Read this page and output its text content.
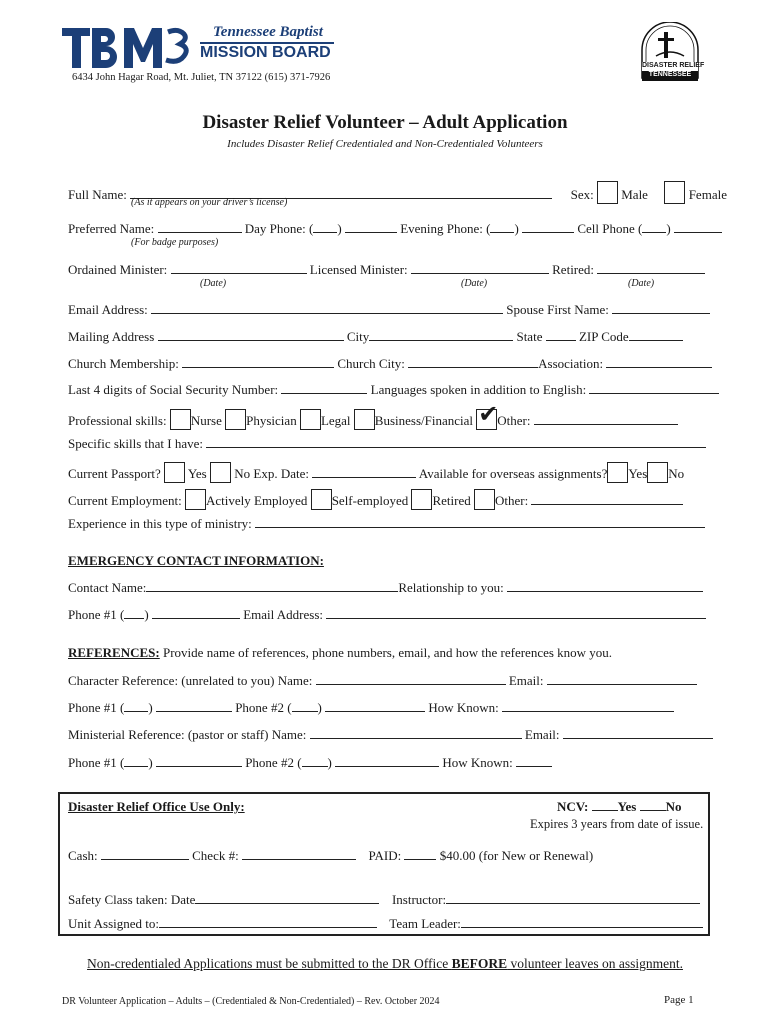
Tennessee Baptist
MISSION BOARD
6434 John Hagar Road, Mt. Juliet, TN 37122 (615) 371-7926
DISASTER RELIEF
TENNESSEE
Disaster Relief Volunteer – Adult Application
Includes Disaster Relief Credentialed and Non-Credentialed Volunteers
Full Name:	Sex: Male	Female
(As it appears on your driver’s license)
Preferred Name:	Day Phone: ( )	Evening Phone: ( )	Cell Phone ( )
(For badge purposes)
Ordained Minister:	Licensed Minister:	Retired:
(Date)	(Date)	(Date)
Email Address:	Spouse First Name:
Mailing Address	City	State	ZIP Code
Church Membership:	Church City:	Association:
Last 4 digits of Social Security Number:	Languages spoken in addition to English:
Professional skills: Nurse Physician Legal Business/Financial ✔
Other:
Specific skills that I have:
Current Passport? Yes No Exp. Date:	Available for overseas assignments? Yes No
Current Employment: Actively Employed Self-employed Retired Other:
Experience in this type of ministry:
EMERGENCY CONTACT INFORMATION:
Contact Name:	Relationship to you:
Phone #1 ( )	Email Address:
REFERENCES: Provide name of references, phone numbers, email, and how the references know you.
Character Reference: (unrelated to you) Name:	Email:
Phone #1 ( )	Phone #2 ( )	How Known:
Ministerial Reference: (pastor or staff) Name:	Email:
Phone #1 ( )	Phone #2 ( )	How Known:
Disaster Relief Office Use Only:	NCV: Yes No
Expires 3 years from date of issue.
Cash:	Check #:	PAID:	$40.00 (for New or Renewal)
Safety Class taken: Date	Instructor:
Unit Assigned to:	Team Leader:
Non-credentialed Applications must be submitted to the DR Office BEFORE volunteer leaves on assignment.
DR Volunteer Application – Adults – (Credentialed & Non-Credentialed) – Rev. October 2024	Page 1
